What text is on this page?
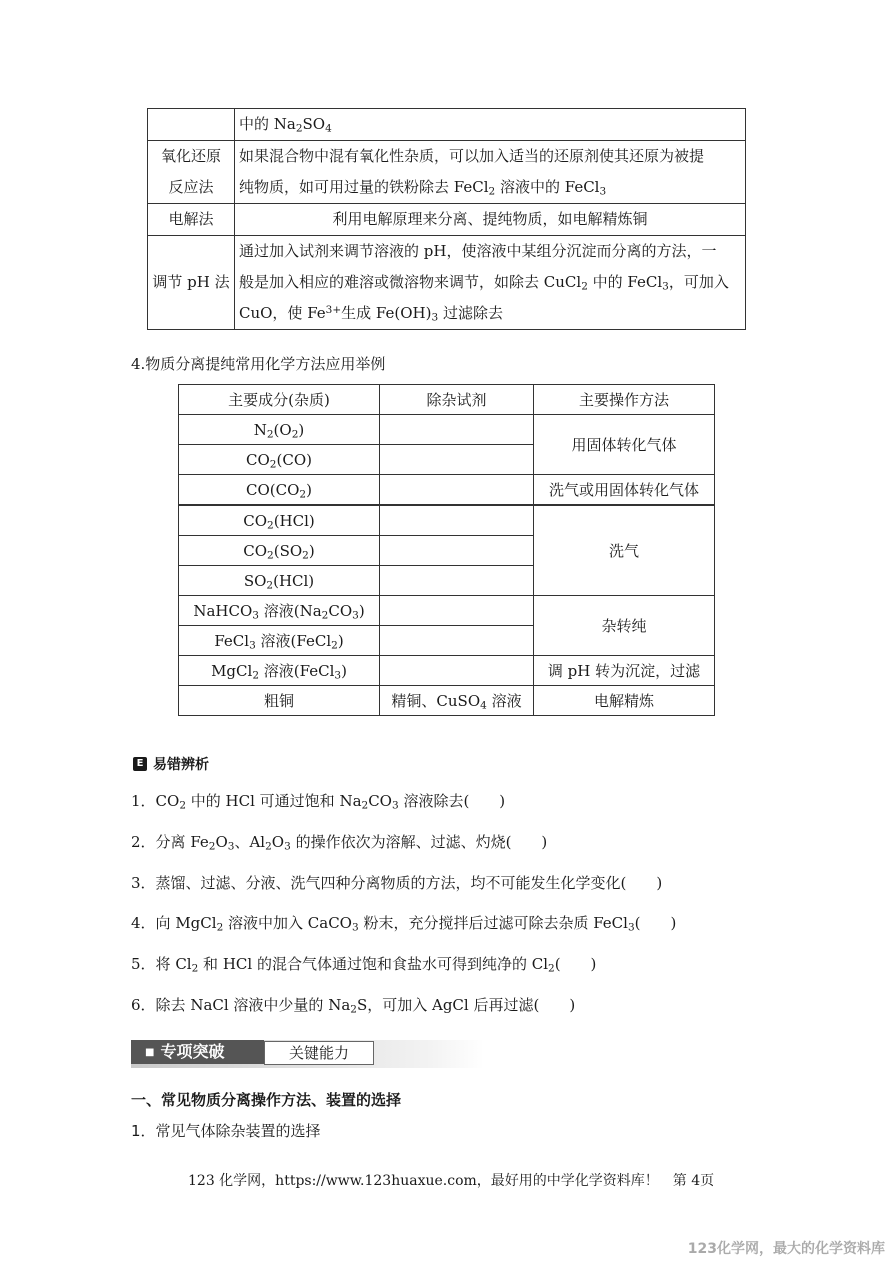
	中的 $Na_2SO_4$
氧化还原
反应法	如果混合物中混有氧化性杂质，可以加入适当的还原剂使其还原为被提
纯物质，如可用过量的铁粉除去 FeCl$_2$ 溶液中的 FeCl$_3$
电解法	利用电解原理来分离、提纯物质，如电解精炼铜
调节 pH 法	通过加入试剂来调节溶液的 pH，使溶液中某组分沉淀而分离的方法，一
般是加入相应的难溶或微溶物来调节，如除去 CuCl$_2$ 中的 FeCl$_3$，可加入
CuO，使 $Fe^{3+}$生成 $Fe(OH)_3$ 过滤除去
4.物质分离提纯常用化学方法应用举例
主要成分(杂质)	除杂试剂	主要操作方法
$N_2(O_2)$		用固体转化气体
$CO_2(CO)$		
$CO(CO_2)$		洗气或用固体转化气体
$CO_2(HCl)$		洗气
$CO_2(SO_2)$		
$SO_2(HCl)$		
NaHCO$_3$ 溶液$(Na_2CO_3)$		杂转纯
FeCl$_3$ 溶液(FeCl$_2$)		
MgCl$_2$ 溶液(FeCl$_3$)		调 pH 转为沉淀，过滤
粗铜	精铜、CuSO$_4$ 溶液	电解精炼
E 易错辨析
1．$CO_2$ 中的 HCl 可通过饱和 $Na_2CO_3$ 溶液除去(　　)
2．分离 $Fe_2O_3$、$Al_2O_3$ 的操作依次为溶解、过滤、灼烧(　　)
3．蒸馏、过滤、分液、洗气四种分离物质的方法，均不可能发生化学变化(　　)
4．向 MgCl$_2$ 溶液中加入 CaCO$_3$ 粉末，充分搅拌后过滤可除去杂质 FeCl$_3$(　　)
5．将 $Cl_2$ 和 HCl 的混合气体通过饱和食盐水可得到纯净的 $Cl_2$(　　)
6．除去 NaCl 溶液中少量的 $Na_2S$，可加入 AgCl 后再过滤(　　)
■ 专项突破	关键能力
一、常见物质分离操作方法、装置的选择
1．常见气体除杂装置的选择
123 化学网，https://www.123huaxue.com，最好用的中学化学资料库！　第 4页
123化学网，最大的化学资料库
